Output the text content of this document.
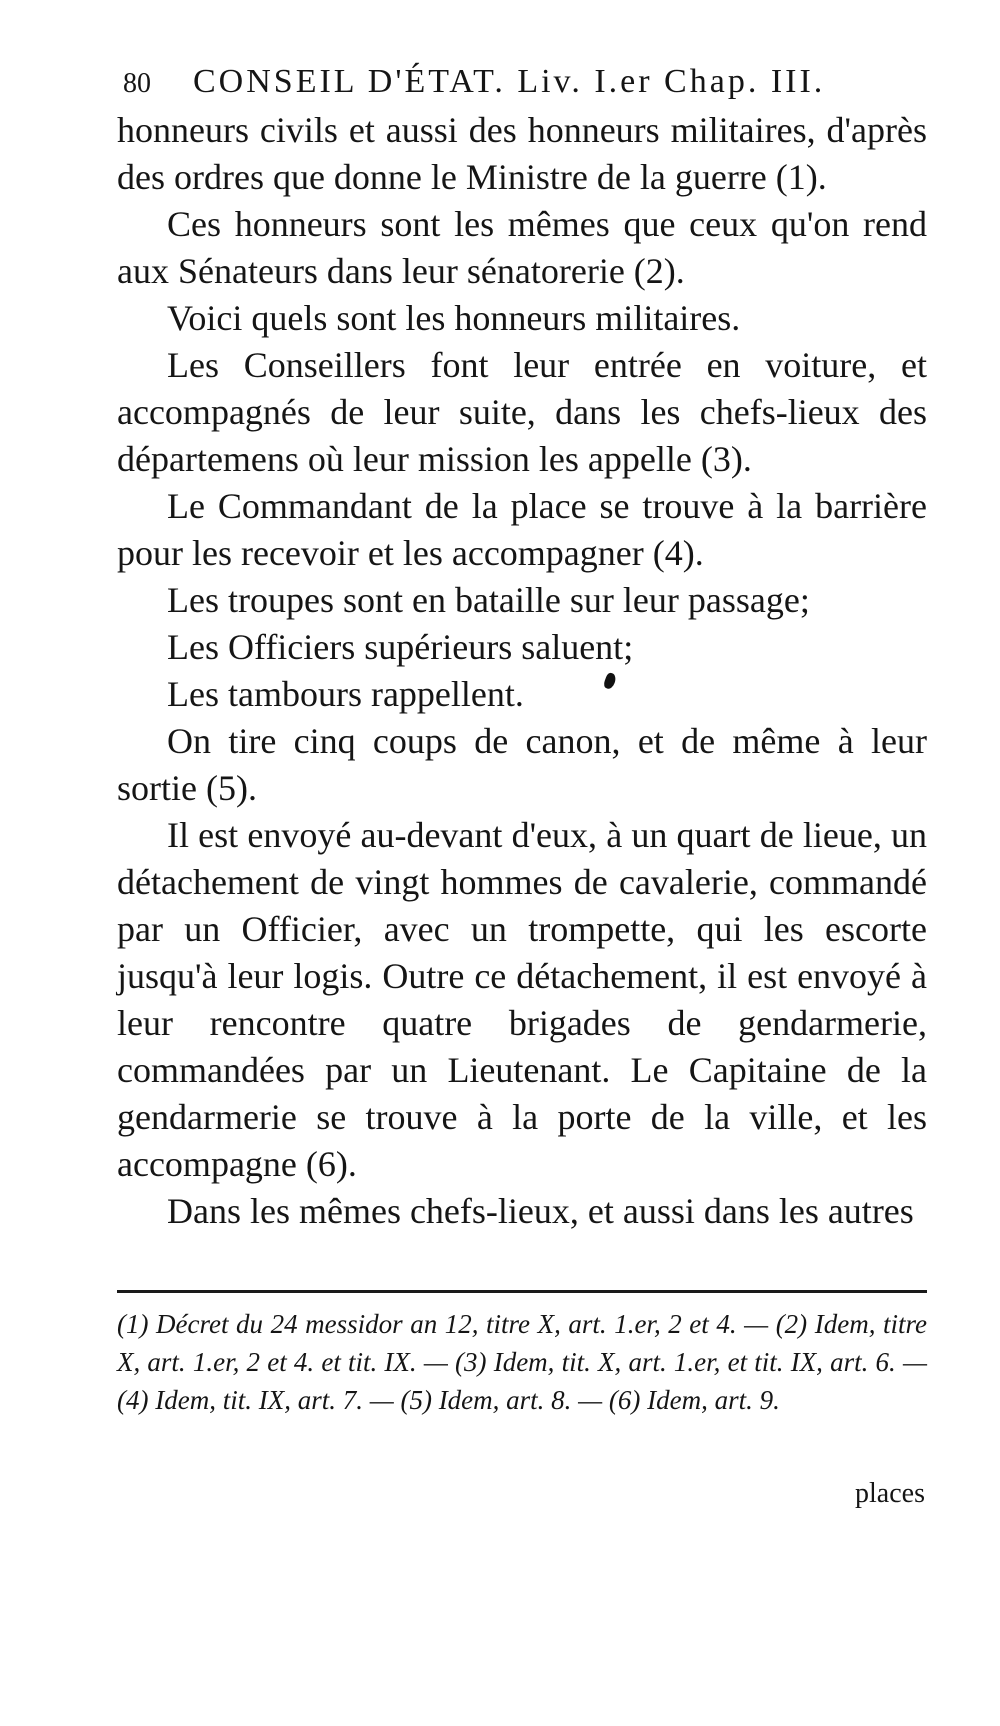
80 CONSEIL D'ÉTAT. Liv. I.er Chap. III.

honneurs civils et aussi des honneurs militaires, d'après des ordres que donne le Ministre de la guerre (1).

Ces honneurs sont les mêmes que ceux qu'on rend aux Sénateurs dans leur sénatorerie (2).

Voici quels sont les honneurs militaires.

Les Conseillers font leur entrée en voiture, et accompagnés de leur suite, dans les chefs-lieux des départemens où leur mission les appelle (3).

Le Commandant de la place se trouve à la barrière pour les recevoir et les accompagner (4).

Les troupes sont en bataille sur leur passage;

Les Officiers supérieurs saluent;

Les tambours rappellent.

On tire cinq coups de canon, et de même à leur sortie (5).

Il est envoyé au-devant d'eux, à un quart de lieue, un détachement de vingt hommes de cavalerie, commandé par un Officier, avec un trompette, qui les escorte jusqu'à leur logis. Outre ce détachement, il est envoyé à leur rencontre quatre brigades de gendarmerie, commandées par un Lieutenant. Le Capitaine de la gendarmerie se trouve à la porte de la ville, et les accompagne (6).

Dans les mêmes chefs-lieux, et aussi dans les autres

(1) Décret du 24 messidor an 12, titre X, art. 1.er, 2 et 4. — (2) Idem, titre X, art. 1.er, 2 et 4. et tit. IX. — (3) Idem, tit. X, art. 1.er, et tit. IX, art. 6. — (4) Idem, tit. IX, art. 7. — (5) Idem, art. 8. — (6) Idem, art. 9.
places
